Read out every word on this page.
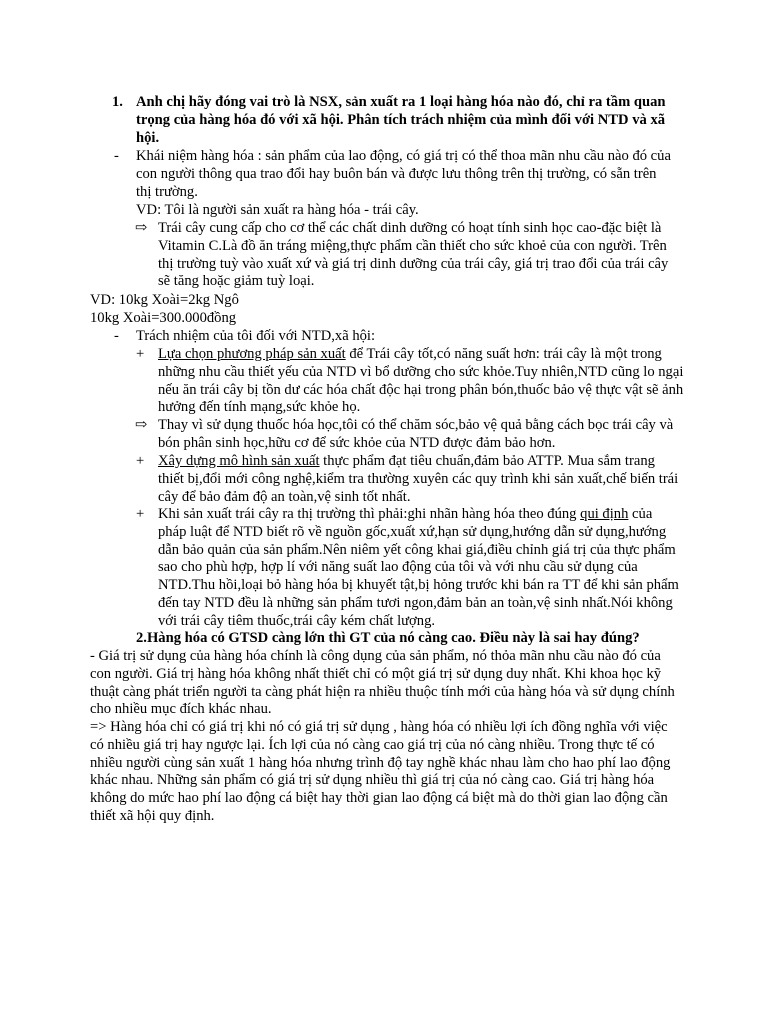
1. Anh chị hãy đóng vai trò là NSX, sản xuất ra 1 loại hàng hóa nào đó, chỉ ra tầm quan trọng của hàng hóa đó với xã hội. Phân tích trách nhiệm của mình đối với NTD và xã hội.

- Khái niệm hàng hóa : sản phẩm của lao động, có giá trị có thể thoa mãn nhu cầu nào đó của con người thông qua trao đổi hay buôn bán và được lưu thông trên thị trường, có sẵn trên thị trường.

VD: Tôi là người sản xuất ra hàng hóa - trái cây.

⇨ Trái cây cung cấp cho cơ thể các chất dinh dưỡng có hoạt tính sinh học cao-đặc biệt là Vitamin C.Là đồ ăn tráng miệng,thực phẩm cần thiết cho sức khoẻ của con người. Trên thị trường tuỳ vào xuất xứ và giá trị dinh dưỡng của trái cây, giá trị trao đổi của trái cây sẽ tăng hoặc giảm tuỳ loại.

VD: 10kg Xoài=2kg Ngô

10kg Xoài=300.000đồng

- Trách nhiệm của tôi đối với NTD,xã hội:

+ Lựa chọn phương pháp sản xuất để Trái cây tốt,có năng suất hơn: trái cây là một trong những nhu cầu thiết yếu của NTD vì bổ dưỡng cho sức khỏe.Tuy nhiên,NTD cũng lo ngại nếu ăn trái cây bị tồn dư các hóa chất độc hại trong phân bón,thuốc bảo vệ thực vật sẽ ảnh hưởng đến tính mạng,sức khỏe họ.

⇨ Thay vì sử dụng thuốc hóa học,tôi có thể chăm sóc,bảo vệ quả bằng cách bọc trái cây và bón phân sinh học,hữu cơ để sức khỏe của NTD được đảm bảo hơn.

+ Xây dựng mô hình sản xuất thực phẩm đạt tiêu chuẩn,đảm bảo ATTP. Mua sắm trang thiết bị,đổi mới công nghệ,kiểm tra thường xuyên các quy trình khi sản xuất,chế biến trái cây để bảo đảm độ an toàn,vệ sinh tốt nhất.

+ Khi sản xuất trái cây ra thị trường thì phải:ghi nhãn hàng hóa theo đúng qui định của pháp luật để NTD biết rõ về nguồn gốc,xuất xứ,hạn sử dụng,hướng dẫn sử dụng,hướng dẫn bảo quản của sản phẩm.Nên niêm yết công khai giá,điều chỉnh giá trị của thực phẩm sao cho phù hợp, hợp lí với năng suất lao động của tôi và với nhu cầu sử dụng của NTD.Thu hồi,loại bỏ hàng hóa bị khuyết tật,bị hỏng trước khi bán ra TT để khi sản phẩm đến tay NTD đều là những sản phẩm tươi ngon,đảm bản an toàn,vệ sinh nhất.Nói không với trái cây tiêm thuốc,trái cây kém chất lượng.

2.Hàng hóa có GTSD càng lớn thì GT của nó càng cao. Điều này là sai hay đúng?

- Giá trị sử dụng của hàng hóa chính là công dụng của sản phẩm, nó thỏa mãn nhu cầu nào đó của con người. Giá trị hàng hóa không nhất thiết chỉ có một giá trị sử dụng duy nhất. Khi khoa học kỹ thuật càng phát triển người ta càng phát hiện ra nhiều thuộc tính mới của hàng hóa và sử dụng chính cho nhiều mục đích khác nhau.

=> Hàng hóa chỉ có giá trị khi nó có giá trị sử dụng , hàng hóa có nhiều lợi ích đồng nghĩa với việc có nhiều giá trị hay ngược lại. Ích lợi của nó càng cao giá trị của nó càng nhiều. Trong thực tế có nhiều người cùng sản xuất 1 hàng hóa nhưng trình độ tay nghề khác nhau làm cho hao phí lao động khác nhau. Những sản phẩm có giá trị sử dụng nhiều thì giá trị của nó càng cao. Giá trị hàng hóa không do mức hao phí lao động cá biệt hay thời gian lao động cá biệt mà do thời gian lao động cần thiết xã hội quy định.
